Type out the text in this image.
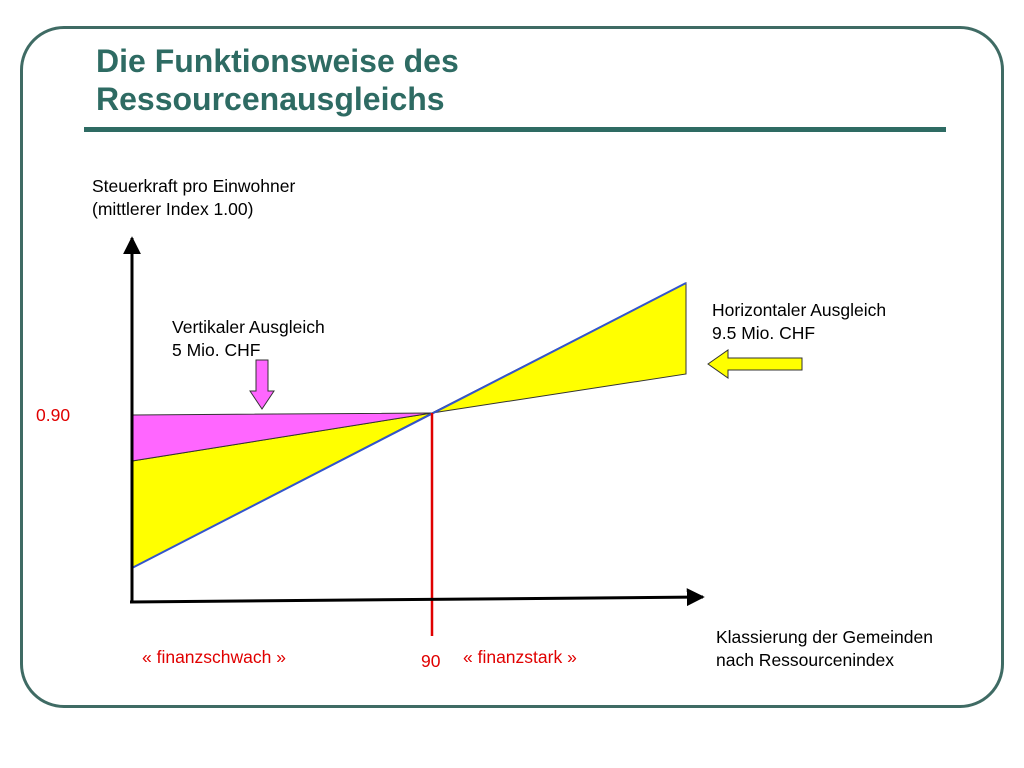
Die Funktionsweise des
Ressourcenausgleichs
Steuerkraft pro Einwohner
(mittlerer Index 1.00)
Vertikaler Ausgleich
5 Mio. CHF
Horizontaler Ausgleich
9.5 Mio. CHF
0.90
90
« finanzschwach »	« finanzstark »
Klassierung der Gemeinden
nach Ressourcenindex
